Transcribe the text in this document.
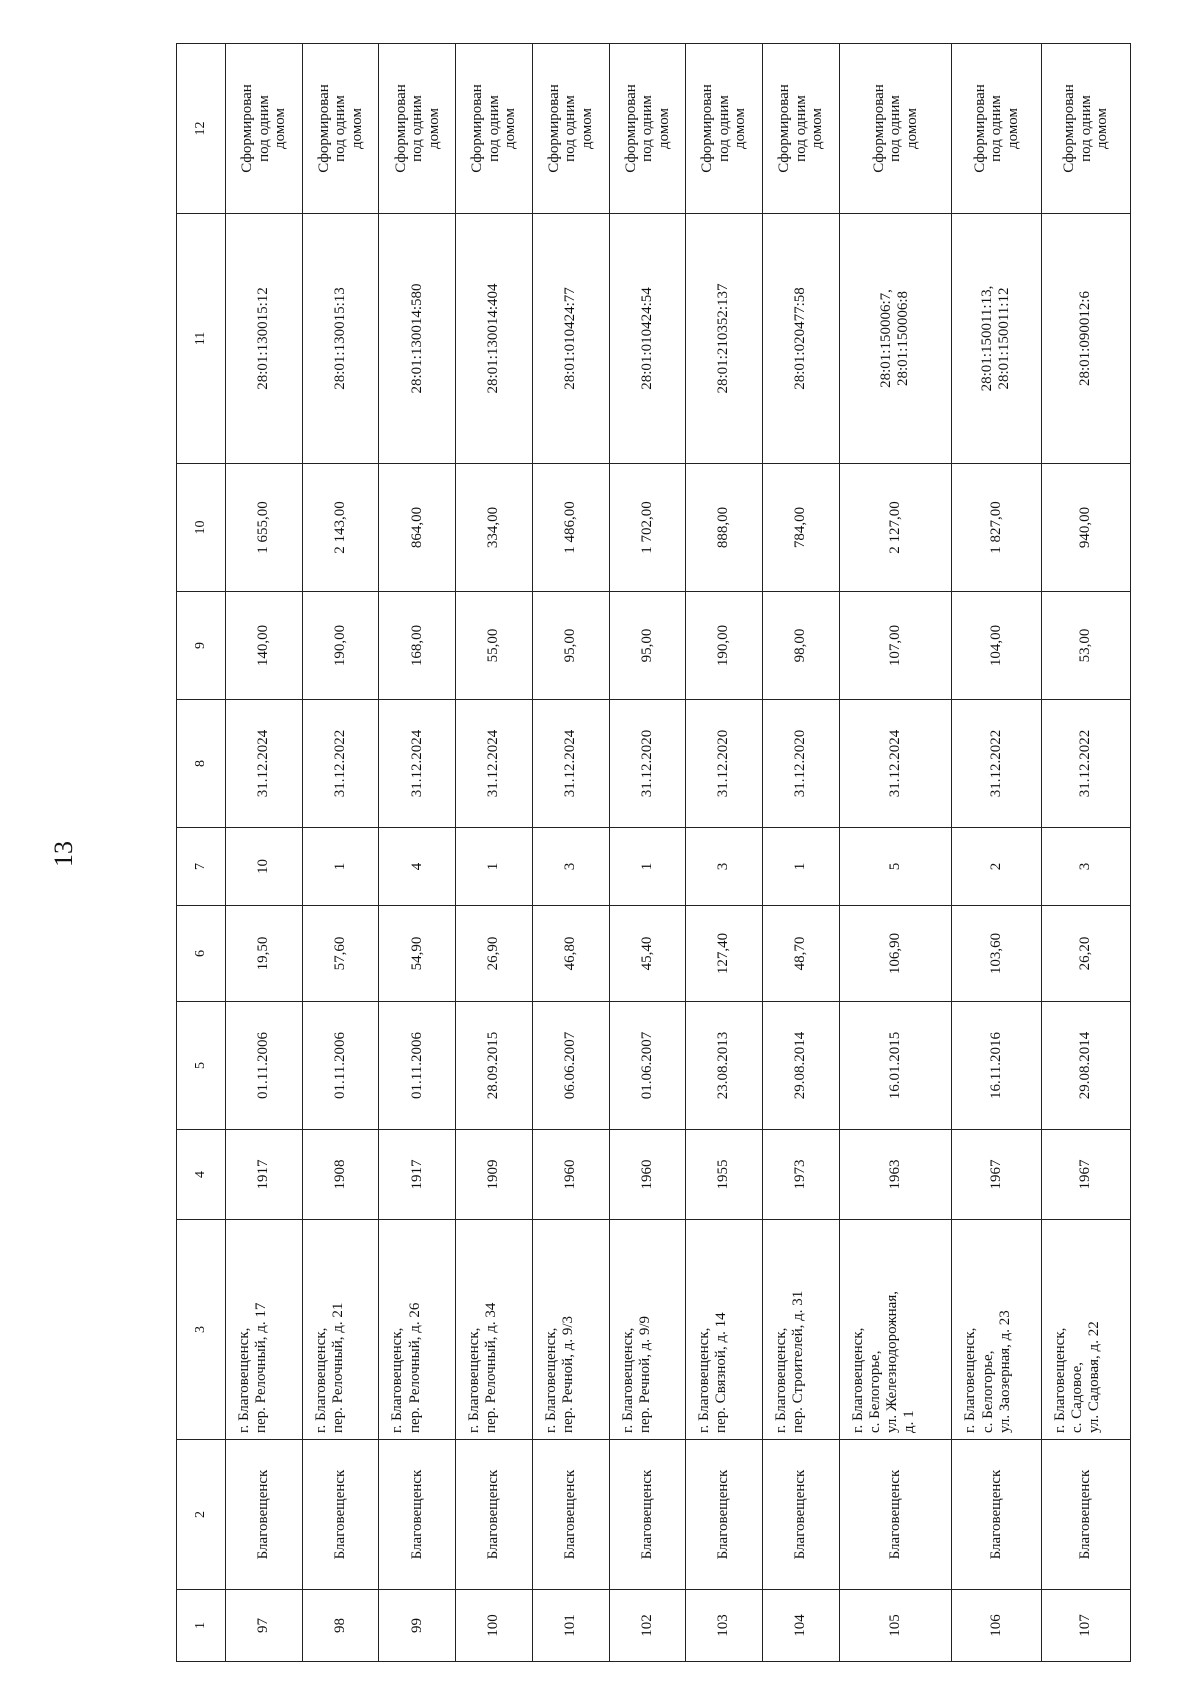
13
1	2	3	4	5	6	7	8	9	10	11	12
97	Благовещенск	г. Благовещенск,
пер. Релочный, д. 17	1917	01.11.2006	19,50	10	31.12.2024	140,00	1 655,00	28:01:130015:12	Сформирован
под одним
домом
98	Благовещенск	г. Благовещенск,
пер. Релочный, д. 21	1908	01.11.2006	57,60	1	31.12.2022	190,00	2 143,00	28:01:130015:13	Сформирован
под одним
домом
99	Благовещенск	г. Благовещенск,
пер. Релочный, д. 26	1917	01.11.2006	54,90	4	31.12.2024	168,00	864,00	28:01:130014:580	Сформирован
под одним
домом
100	Благовещенск	г. Благовещенск,
пер. Релочный, д. 34	1909	28.09.2015	26,90	1	31.12.2024	55,00	334,00	28:01:130014:404	Сформирован
под одним
домом
101	Благовещенск	г. Благовещенск,
пер. Речной, д. 9/3	1960	06.06.2007	46,80	3	31.12.2024	95,00	1 486,00	28:01:010424:77	Сформирован
под одним
домом
102	Благовещенск	г. Благовещенск,
пер. Речной, д. 9/9	1960	01.06.2007	45,40	1	31.12.2020	95,00	1 702,00	28:01:010424:54	Сформирован
под одним
домом
103	Благовещенск	г. Благовещенск,
пер. Связной, д. 14	1955	23.08.2013	127,40	3	31.12.2020	190,00	888,00	28:01:210352:137	Сформирован
под одним
домом
104	Благовещенск	г. Благовещенск,
пер. Строителей, д. 31	1973	29.08.2014	48,70	1	31.12.2020	98,00	784,00	28:01:020477:58	Сформирован
под одним
домом
105	Благовещенск	г. Благовещенск,
с. Белогорье,
ул. Железнодорожная,
д. 1	1963	16.01.2015	106,90	5	31.12.2024	107,00	2 127,00	28:01:150006:7,
28:01:150006:8	Сформирован
под одним
домом
106	Благовещенск	г. Благовещенск,
с. Белогорье,
ул. Заозерная, д. 23	1967	16.11.2016	103,60	2	31.12.2022	104,00	1 827,00	28:01:150011:13,
28:01:150011:12	Сформирован
под одним
домом
107	Благовещенск	г. Благовещенск,
с. Садовое,
ул. Садовая, д. 22	1967	29.08.2014	26,20	3	31.12.2022	53,00	940,00	28:01:090012:6	Сформирован
под одним
домом
